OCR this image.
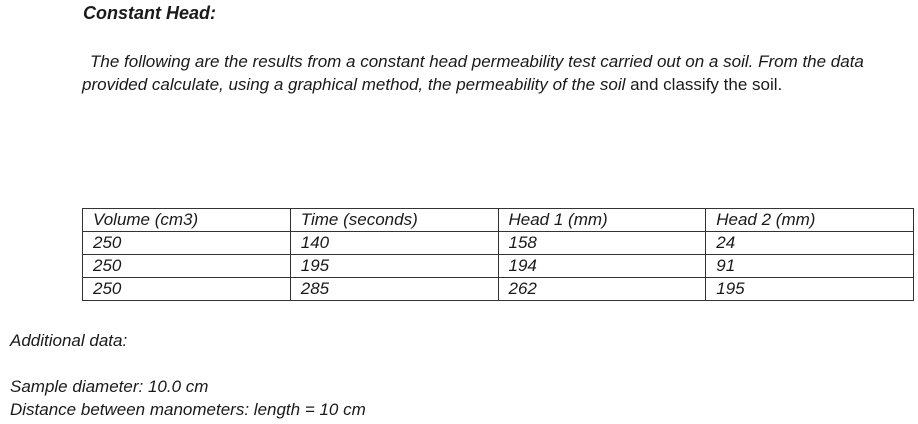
Constant Head:

The following are the results from a constant head permeability test carried out on a soil. From the data provided calculate, using a graphical method, the permeability of the soil and classify the soil.

Volume (cm3)	Time (seconds)	Head 1 (mm)	Head 2 (mm)
250	140	158	24
250	195	194	91
250	285	262	195

Additional data:

Sample diameter: 10.0 cm

Distance between manometers: length = 10 cm
